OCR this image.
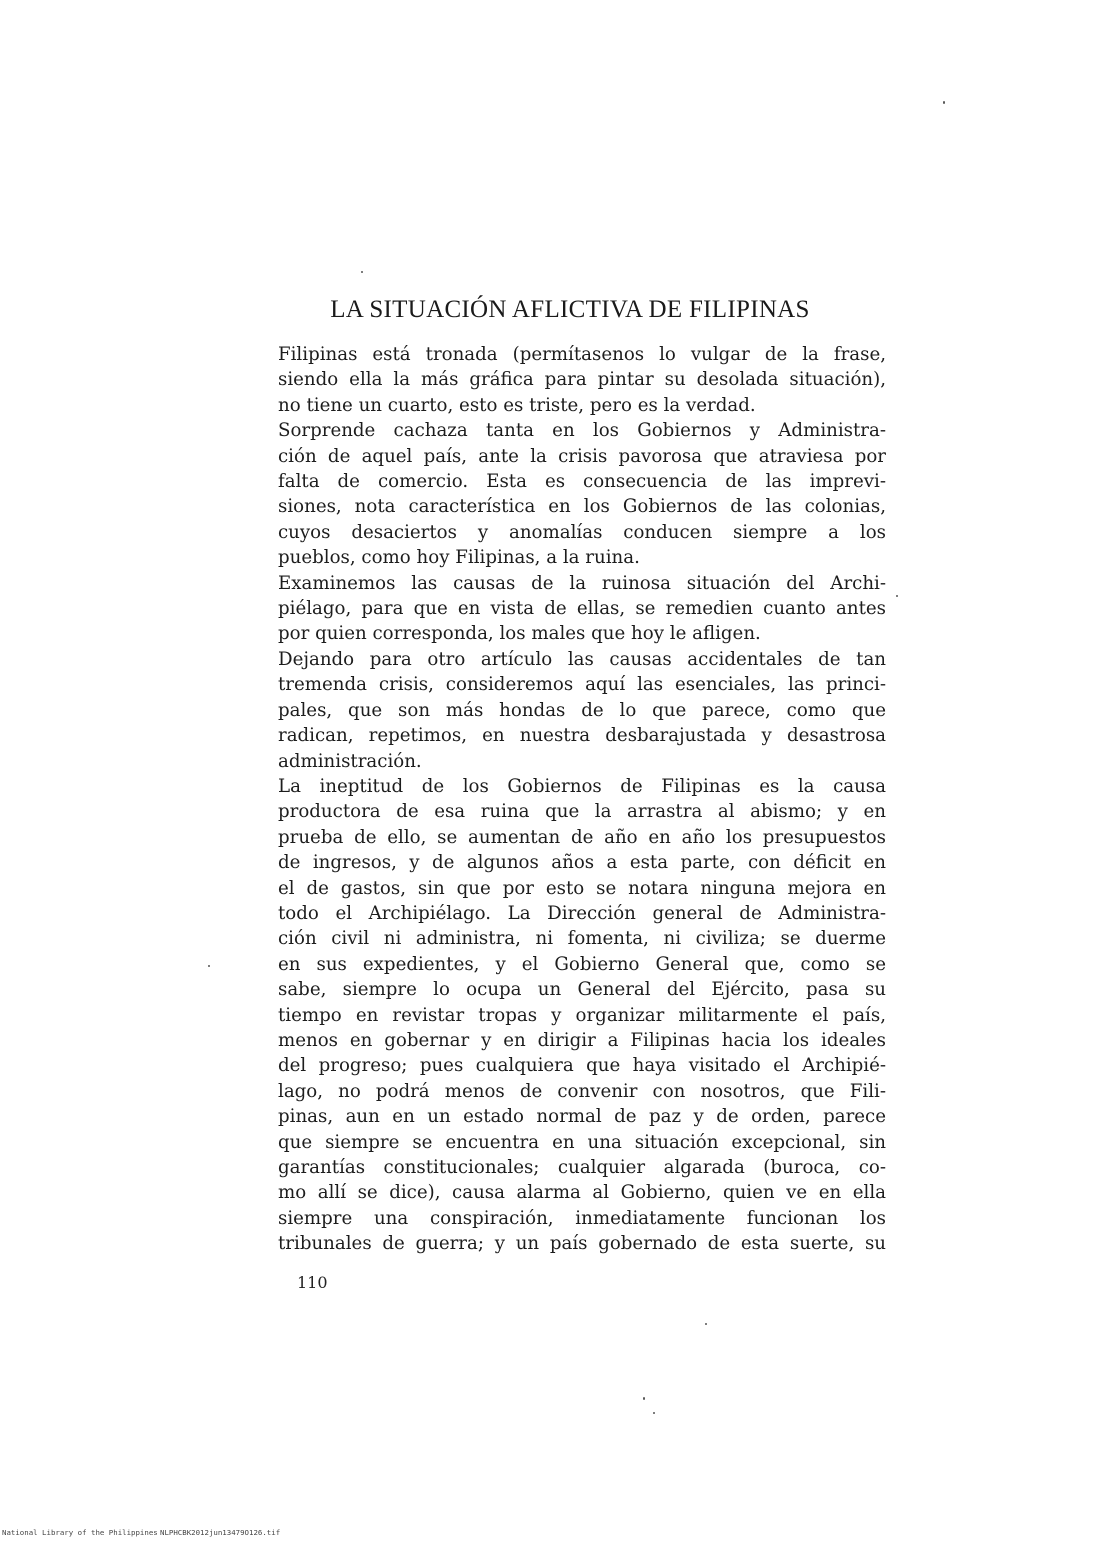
LA SITUACIÓN AFLICTIVA DE FILIPINAS

Filipinas está tronada (permítasenos lo vulgar de la frase,
siendo ella la más gráfica para pintar su desolada situación),
no tiene un cuarto, esto es triste, pero es la verdad.

Sorprende cachaza tanta en los Gobiernos y Administra-
ción de aquel país, ante la crisis pavorosa que atraviesa por
falta de comercio. Esta es consecuencia de las imprevi-
siones, nota característica en los Gobiernos de las colonias,
cuyos desaciertos y anomalías conducen siempre a los
pueblos, como hoy Filipinas, a la ruina.

Examinemos las causas de la ruinosa situación del Archi-
piélago, para que en vista de ellas, se remedien cuanto antes
por quien corresponda, los males que hoy le afligen.

Dejando para otro artículo las causas accidentales de tan
tremenda crisis, consideremos aquí las esenciales, las princi-
pales, que son más hondas de lo que parece, como que
radican, repetimos, en nuestra desbarajustada y desastrosa
administración.

La ineptitud de los Gobiernos de Filipinas es la causa
productora de esa ruina que la arrastra al abismo; y en
prueba de ello, se aumentan de año en año los presupuestos
de ingresos, y de algunos años a esta parte, con déficit en
el de gastos, sin que por esto se notara ninguna mejora en
todo el Archipiélago. La Dirección general de Administra-
ción civil ni administra, ni fomenta, ni civiliza; se duerme
en sus expedientes, y el Gobierno General que, como se
sabe, siempre lo ocupa un General del Ejército, pasa su
tiempo en revistar tropas y organizar militarmente el país,
menos en gobernar y en dirigir a Filipinas hacia los ideales
del progreso; pues cualquiera que haya visitado el Archipié-
lago, no podrá menos de convenir con nosotros, que Fili-
pinas, aun en un estado normal de paz y de orden, parece
que siempre se encuentra en una situación excepcional, sin
garantías constitucionales; cualquier algarada (buroca, co-
mo allí se dice), causa alarma al Gobierno, quien ve en ella
siempre una conspiración, inmediatamente funcionan los
tribunales de guerra; y un país gobernado de esta suerte, su

110
National Library of the Philippines NLPHCBK2012jun13479O126.tif
